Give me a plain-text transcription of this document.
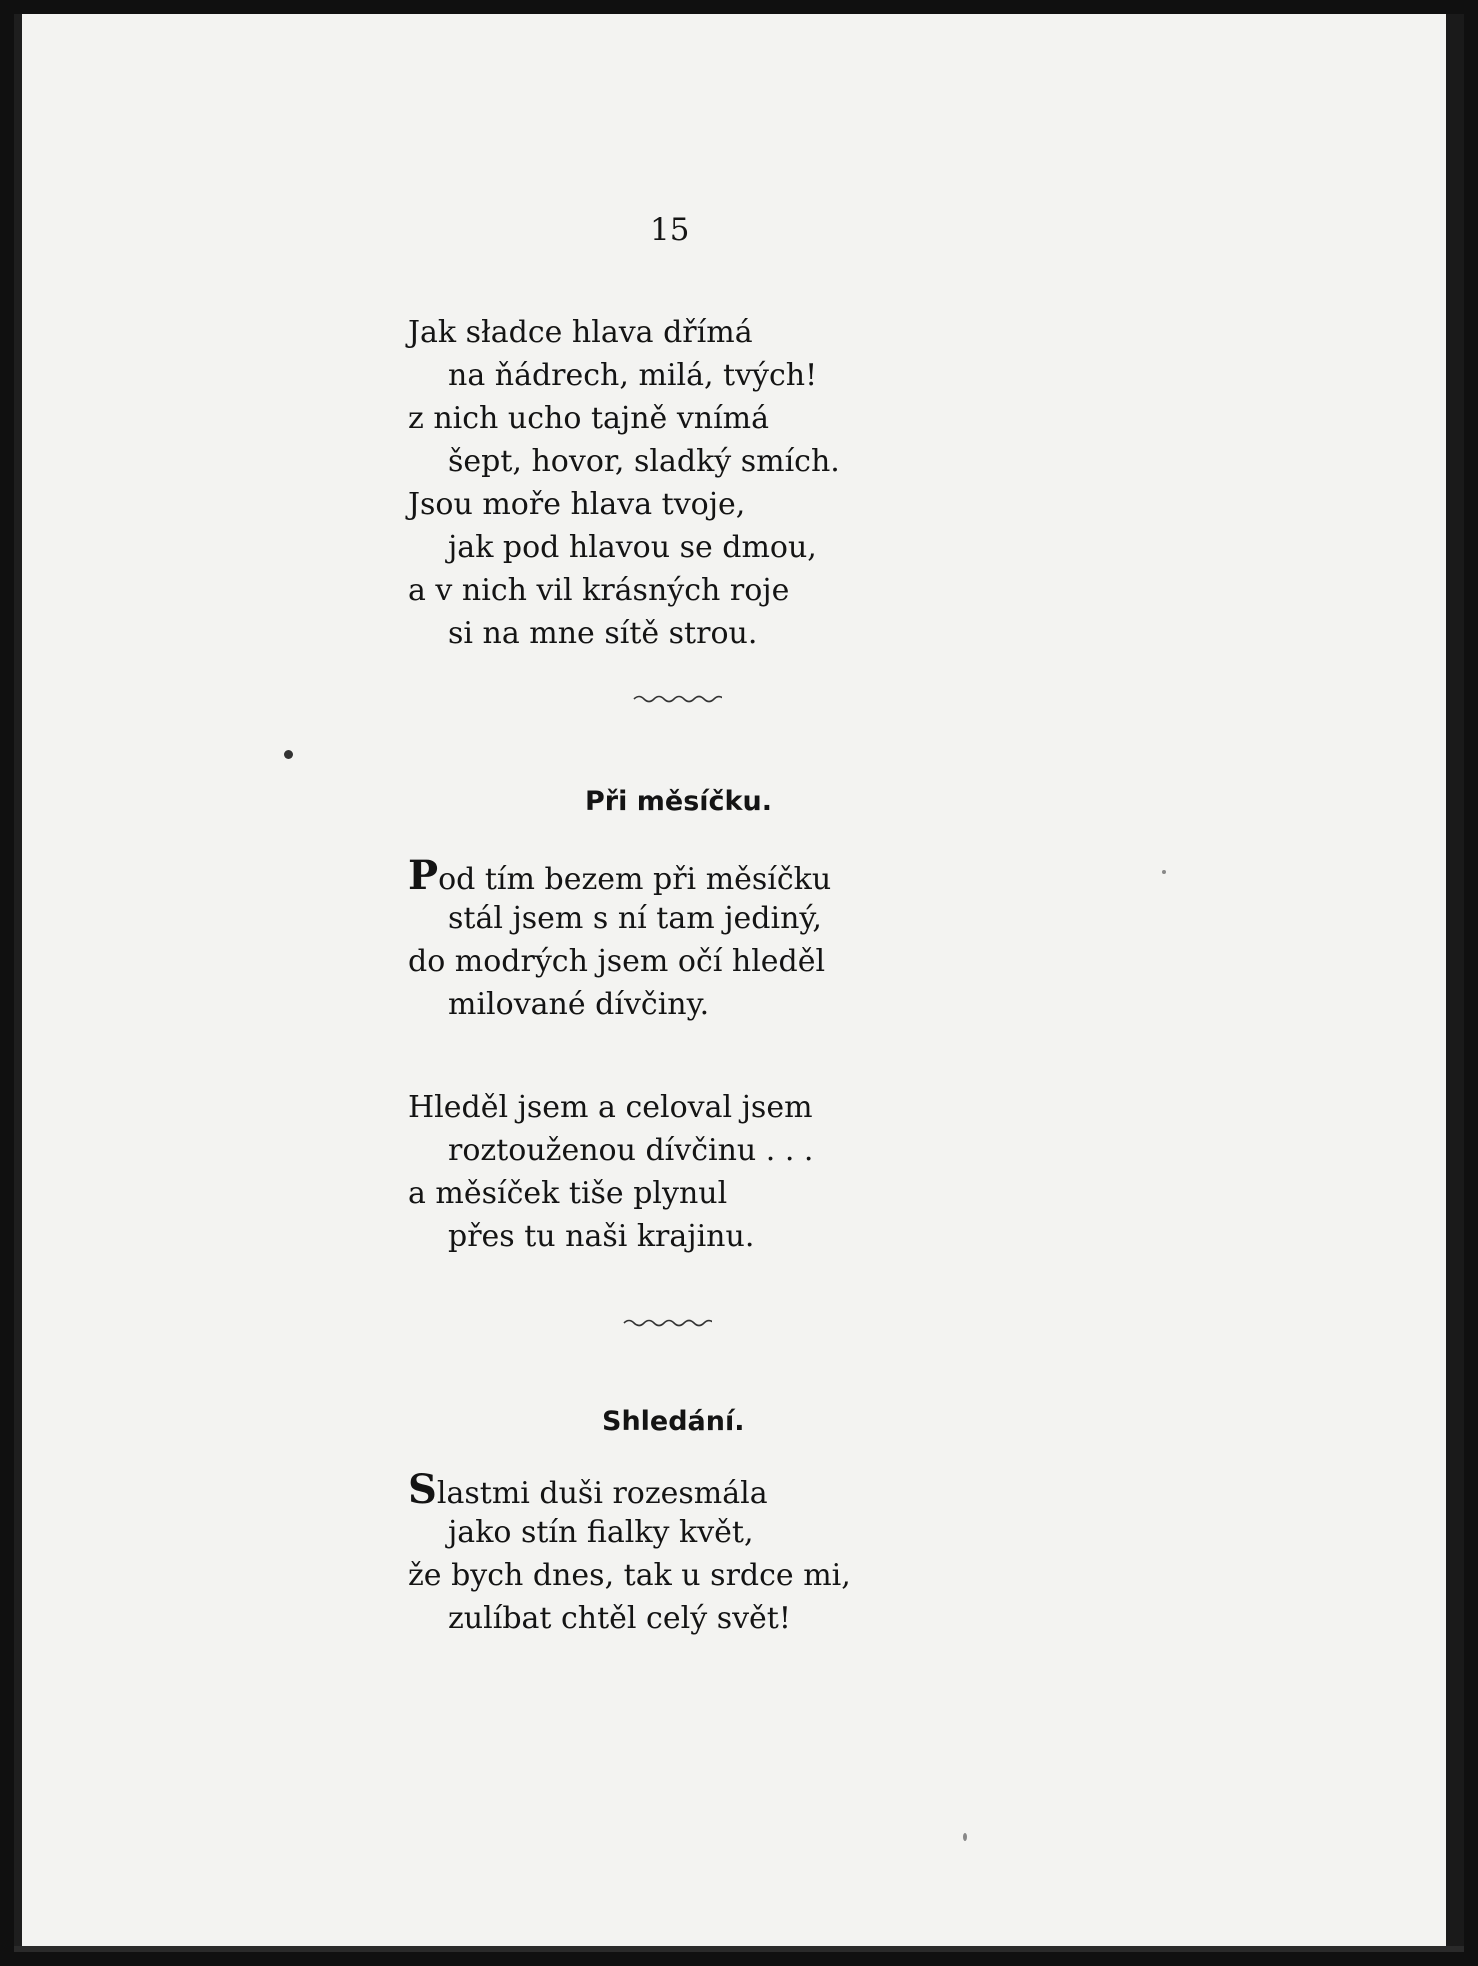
15
Jak sładce hlava dřímá
na ňádrech, milá, tvých!
z nich ucho tajně vnímá
šept, hovor, sladký smích.
Jsou moře hlava tvoje,
jak pod hlavou se dmou,
a v nich vil krásných roje
si na mne sítě strou.
Při měsíčku.
Pod tím bezem při měsíčku
stál jsem s ní tam jediný,
do modrých jsem očí hleděl
milované dívčiny.
Hleděl jsem a celoval jsem
roztouženou dívčinu . . .
a měsíček tiše plynul
přes tu naši krajinu.
Shledání.
Slastmi duši rozesmála
jako stín fialky květ,
že bych dnes, tak u srdce mi,
zulíbat chtěl celý svět!
